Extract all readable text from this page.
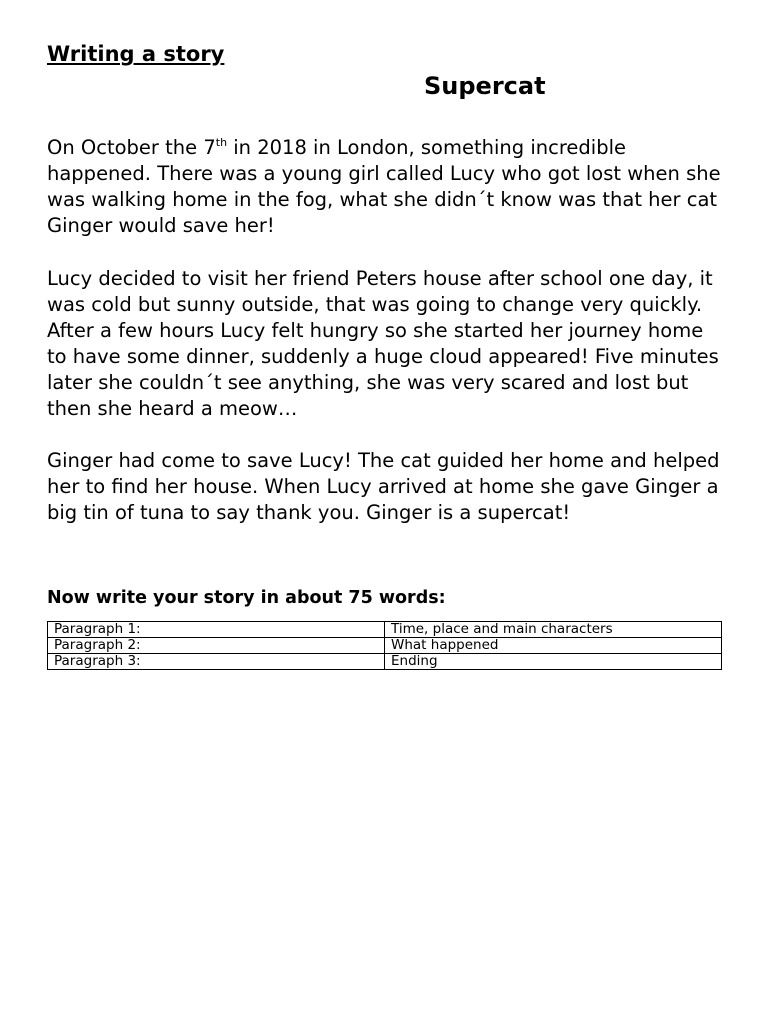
Writing a story
Supercat

On October the 7th in 2018 in London, something incredible happened. There was a young girl called Lucy who got lost when she was walking home in the fog, what she didn´t know was that her cat Ginger would save her!

Lucy decided to visit her friend Peters house after school one day, it was cold but sunny outside, that was going to change very quickly. After a few hours Lucy felt hungry so she started her journey home to have some dinner, suddenly a huge cloud appeared! Five minutes later she couldn´t see anything, she was very scared and lost but then she heard a meow…

Ginger had come to save Lucy! The cat guided her home and helped her to find her house. When Lucy arrived at home she gave Ginger a big tin of tuna to say thank you. Ginger is a supercat!

Now write your story in about 75 words:

Paragraph 1:	Time, place and main characters
Paragraph 2:	What happened
Paragraph 3:	Ending
